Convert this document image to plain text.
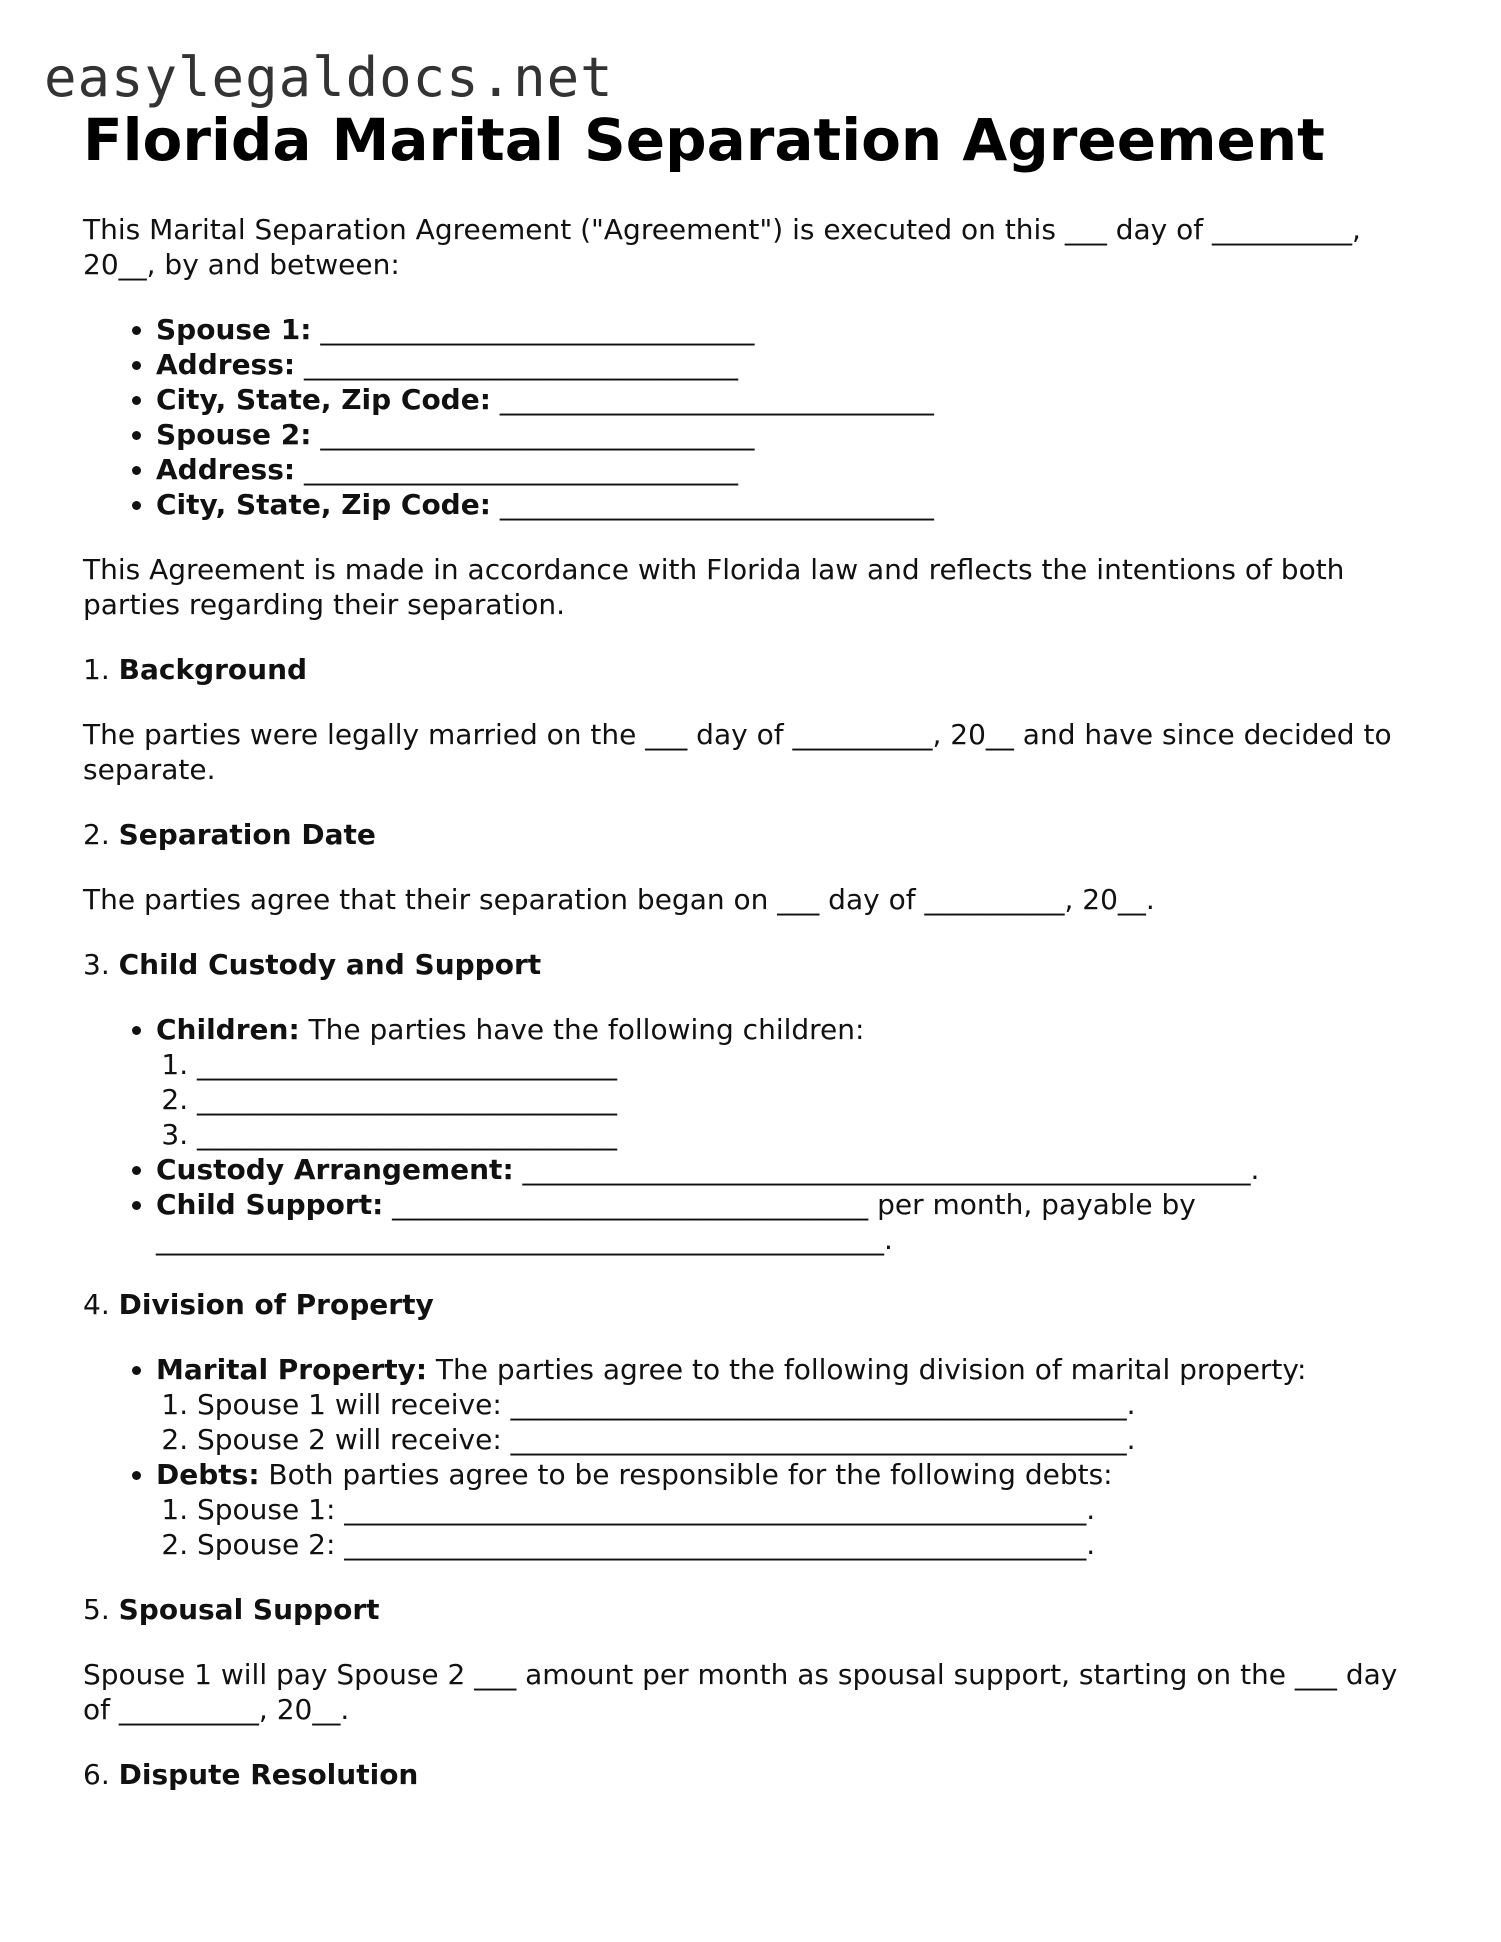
easylegaldocs.net
Florida Marital Separation Agreement

This Marital Separation Agreement ("Agreement") is executed on this ___ day of __________, 20__, by and between:

• Spouse 1: _______________________________
• Address: _______________________________
• City, State, Zip Code: _______________________________
• Spouse 2: _______________________________
• Address: _______________________________
• City, State, Zip Code: _______________________________

This Agreement is made in accordance with Florida law and reflects the intentions of both parties regarding their separation.

1. Background

The parties were legally married on the ___ day of __________, 20__ and have since decided to separate.

2. Separation Date

The parties agree that their separation began on ___ day of __________, 20__.

3. Child Custody and Support

• Children: The parties have the following children:
1. ______________________________
2. ______________________________
3. ______________________________
• Custody Arrangement: ____________________________________________________.
• Child Support: __________________________________ per month, payable by ____________________________________________________.

4. Division of Property

• Marital Property: The parties agree to the following division of marital property:
1. Spouse 1 will receive: ____________________________________________.
2. Spouse 2 will receive: ____________________________________________.
• Debts: Both parties agree to be responsible for the following debts:
1. Spouse 1: _____________________________________________________.
2. Spouse 2: _____________________________________________________.

5. Spousal Support

Spouse 1 will pay Spouse 2 ___ amount per month as spousal support, starting on the ___ day of __________, 20__.

6. Dispute Resolution
